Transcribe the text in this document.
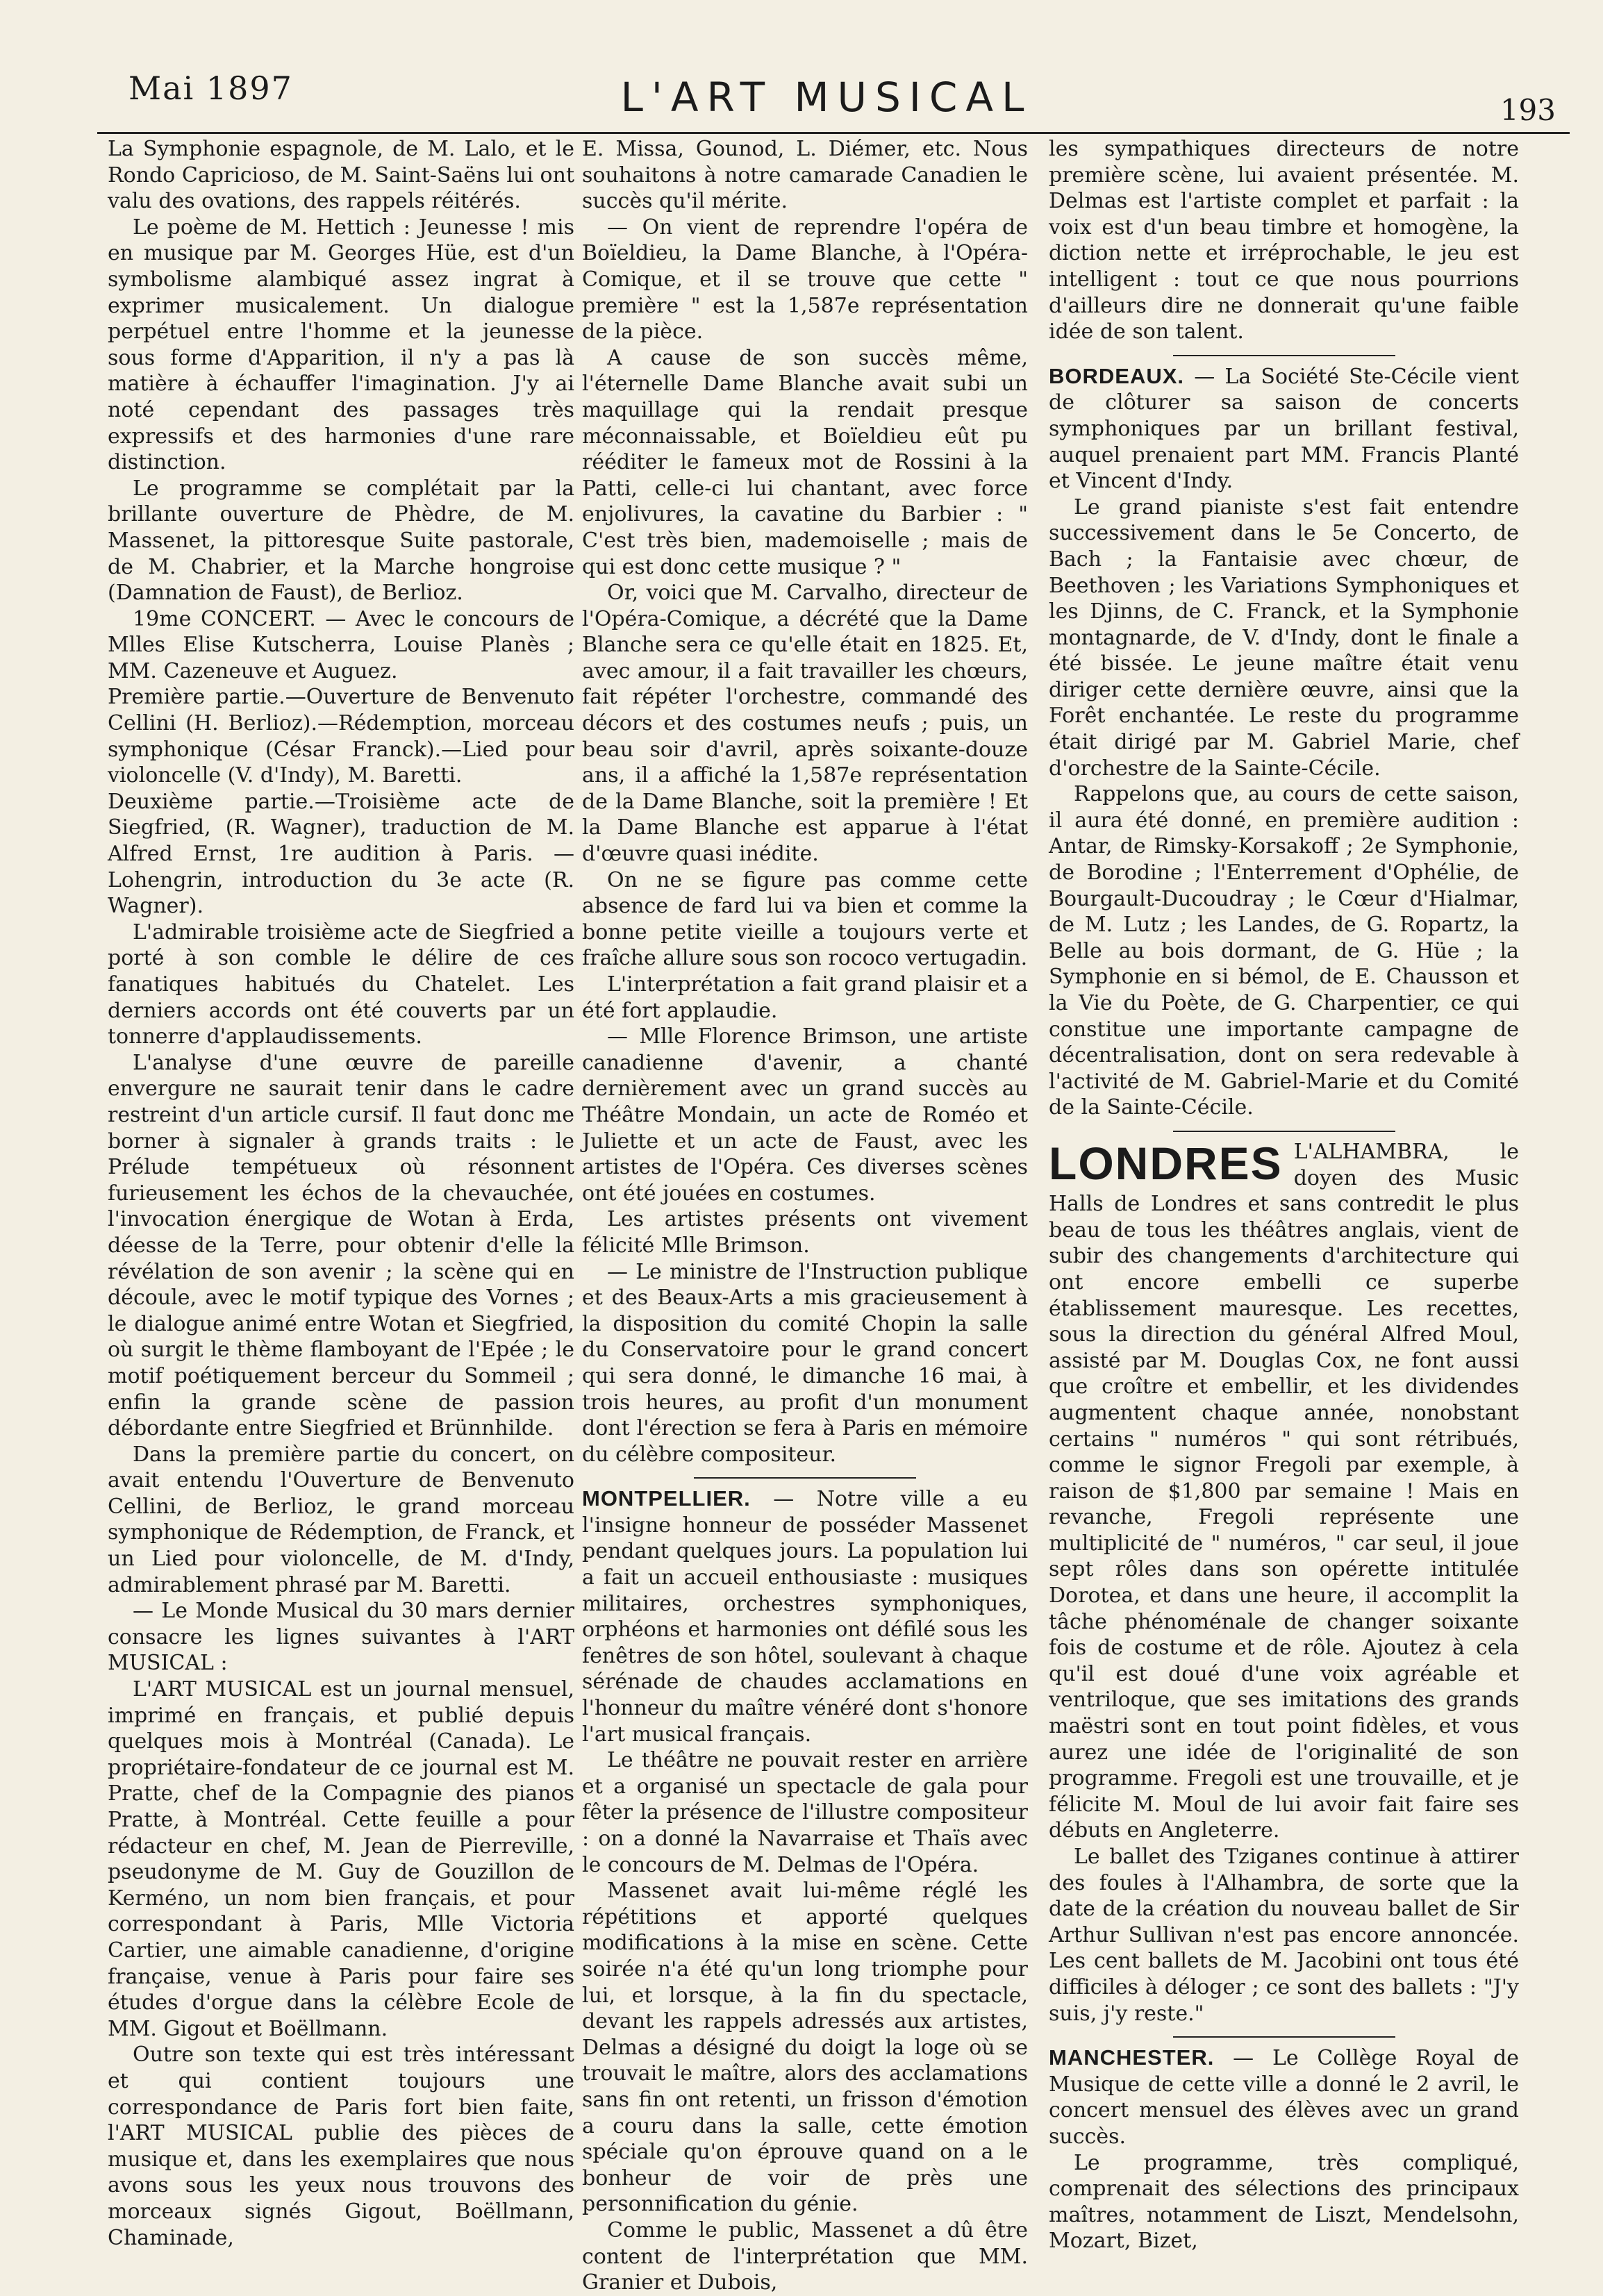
Mai 1897	L'ART MUSICAL	193

La Symphonie espagnole, de M. Lalo, et le Rondo Capricioso, de M. Saint-Saëns lui ont valu des ovations, des rappels réitérés.

Le poème de M. Hettich : Jeunesse ! mis en musique par M. Georges Hüe, est d'un symbolisme alambiqué assez ingrat à exprimer musicalement. Un dialogue perpétuel entre l'homme et la jeunesse sous forme d'Apparition, il n'y a pas là matière à échauffer l'imagination. J'y ai noté cependant des passages très expressifs et des harmonies d'une rare distinction.

Le programme se complétait par la brillante ouverture de Phèdre, de M. Massenet, la pittoresque Suite pastorale, de M. Chabrier, et la Marche hongroise (Damnation de Faust), de Berlioz.

19me CONCERT. — Avec le concours de Mlles Elise Kutscherra, Louise Planès ; MM. Cazeneuve et Auguez.

Première partie.—Ouverture de Benvenuto Cellini (H. Berlioz).—Rédemption, morceau symphonique (César Franck).—Lied pour violoncelle (V. d'Indy), M. Baretti.

Deuxième partie.—Troisième acte de Siegfried, (R. Wagner), traduction de M. Alfred Ernst, 1re audition à Paris. — Lohengrin, introduction du 3e acte (R. Wagner).

L'admirable troisième acte de Siegfried a porté à son comble le délire de ces fanatiques habitués du Chatelet. Les derniers accords ont été couverts par un tonnerre d'applaudissements.

L'analyse d'une œuvre de pareille envergure ne saurait tenir dans le cadre restreint d'un article cursif. Il faut donc me borner à signaler à grands traits : le Prélude tempétueux où résonnent furieusement les échos de la chevauchée, l'invocation énergique de Wotan à Erda, déesse de la Terre, pour obtenir d'elle la révélation de son avenir ; la scène qui en découle, avec le motif typique des Vornes ; le dialogue animé entre Wotan et Siegfried, où surgit le thème flamboyant de l'Epée ; le motif poétiquement berceur du Sommeil ; enfin la grande scène de passion débordante entre Siegfried et Brünnhilde.

Dans la première partie du concert, on avait entendu l'Ouverture de Benvenuto Cellini, de Berlioz, le grand morceau symphonique de Rédemption, de Franck, et un Lied pour violoncelle, de M. d'Indy, admirablement phrasé par M. Baretti.

— Le Monde Musical du 30 mars dernier consacre les lignes suivantes à l'ART MUSICAL :

L'ART MUSICAL est un journal mensuel, imprimé en français, et publié depuis quelques mois à Montréal (Canada). Le propriétaire-fondateur de ce journal est M. Pratte, chef de la Compagnie des pianos Pratte, à Montréal. Cette feuille a pour rédacteur en chef, M. Jean de Pierreville, pseudonyme de M. Guy de Gouzillon de Kerméno, un nom bien français, et pour correspondant à Paris, Mlle Victoria Cartier, une aimable canadienne, d'origine française, venue à Paris pour faire ses études d'orgue dans la célèbre Ecole de MM. Gigout et Boëllmann.

Outre son texte qui est très intéressant et qui contient toujours une correspondance de Paris fort bien faite, l'ART MUSICAL publie des pièces de musique et, dans les exemplaires que nous avons sous les yeux nous trouvons des morceaux signés Gigout, Boëllmann, Chaminade,

E. Missa, Gounod, L. Diémer, etc. Nous souhaitons à notre camarade Canadien le succès qu'il mérite.

— On vient de reprendre l'opéra de Boïeldieu, la Dame Blanche, à l'Opéra-Comique, et il se trouve que cette " première " est la 1,587e représentation de la pièce.

A cause de son succès même, l'éternelle Dame Blanche avait subi un maquillage qui la rendait presque méconnaissable, et Boïeldieu eût pu rééditer le fameux mot de Rossini à la Patti, celle-ci lui chantant, avec force enjolivures, la cavatine du Barbier : " C'est très bien, mademoiselle ; mais de qui est donc cette musique ? "

Or, voici que M. Carvalho, directeur de l'Opéra-Comique, a décrété que la Dame Blanche sera ce qu'elle était en 1825. Et, avec amour, il a fait travailler les chœurs, fait répéter l'orchestre, commandé des décors et des costumes neufs ; puis, un beau soir d'avril, après soixante-douze ans, il a affiché la 1,587e représentation de la Dame Blanche, soit la première ! Et la Dame Blanche est apparue à l'état d'œuvre quasi inédite.

On ne se figure pas comme cette absence de fard lui va bien et comme la bonne petite vieille a toujours verte et fraîche allure sous son rococo vertugadin.

L'interprétation a fait grand plaisir et a été fort applaudie.

— Mlle Florence Brimson, une artiste canadienne d'avenir, a chanté dernièrement avec un grand succès au Théâtre Mondain, un acte de Roméo et Juliette et un acte de Faust, avec les artistes de l'Opéra. Ces diverses scènes ont été jouées en costumes.

Les artistes présents ont vivement félicité Mlle Brimson.

— Le ministre de l'Instruction publique et des Beaux-Arts a mis gracieusement à la disposition du comité Chopin la salle du Conservatoire pour le grand concert qui sera donné, le dimanche 16 mai, à trois heures, au profit d'un monument dont l'érection se fera à Paris en mémoire du célèbre compositeur.

MONTPELLIER. — Notre ville a eu l'insigne honneur de posséder Massenet pendant quelques jours. La population lui a fait un accueil enthousiaste : musiques militaires, orchestres symphoniques, orphéons et harmonies ont défilé sous les fenêtres de son hôtel, soulevant à chaque sérénade de chaudes acclamations en l'honneur du maître vénéré dont s'honore l'art musical français.

Le théâtre ne pouvait rester en arrière et a organisé un spectacle de gala pour fêter la présence de l'illustre compositeur : on a donné la Navarraise et Thaïs avec le concours de M. Delmas de l'Opéra.

Massenet avait lui-même réglé les répétitions et apporté quelques modifications à la mise en scène. Cette soirée n'a été qu'un long triomphe pour lui, et lorsque, à la fin du spectacle, devant les rappels adressés aux artistes, Delmas a désigné du doigt la loge où se trouvait le maître, alors des acclamations sans fin ont retenti, un frisson d'émotion a couru dans la salle, cette émotion spéciale qu'on éprouve quand on a le bonheur de voir de près une personnification du génie.

Comme le public, Massenet a dû être content de l'interprétation que MM. Granier et Dubois,

les sympathiques directeurs de notre première scène, lui avaient présentée. M. Delmas est l'artiste complet et parfait : la voix est d'un beau timbre et homogène, la diction nette et irréprochable, le jeu est intelligent : tout ce que nous pourrions d'ailleurs dire ne donnerait qu'une faible idée de son talent.

BORDEAUX. — La Société Ste-Cécile vient de clôturer sa saison de concerts symphoniques par un brillant festival, auquel prenaient part MM. Francis Planté et Vincent d'Indy.

Le grand pianiste s'est fait entendre successivement dans le 5e Concerto, de Bach ; la Fantaisie avec chœur, de Beethoven ; les Variations Symphoniques et les Djinns, de C. Franck, et la Symphonie montagnarde, de V. d'Indy, dont le finale a été bissée. Le jeune maître était venu diriger cette dernière œuvre, ainsi que la Forêt enchantée. Le reste du programme était dirigé par M. Gabriel Marie, chef d'orchestre de la Sainte-Cécile.

Rappelons que, au cours de cette saison, il aura été donné, en première audition : Antar, de Rimsky-Korsakoff ; 2e Symphonie, de Borodine ; l'Enterrement d'Ophélie, de Bourgault-Ducoudray ; le Cœur d'Hialmar, de M. Lutz ; les Landes, de G. Ropartz, la Belle au bois dormant, de G. Hüe ; la Symphonie en si bémol, de E. Chausson et la Vie du Poète, de G. Charpentier, ce qui constitue une importante campagne de décentralisation, dont on sera redevable à l'activité de M. Gabriel-Marie et du Comité de la Sainte-Cécile.

LONDRES L'ALHAMBRA, le doyen des Music Halls de Londres et sans contredit le plus beau de tous les théâtres anglais, vient de subir des changements d'architecture qui ont encore embelli ce superbe établissement mauresque. Les recettes, sous la direction du général Alfred Moul, assisté par M. Douglas Cox, ne font aussi que croître et embellir, et les dividendes augmentent chaque année, nonobstant certains " numéros " qui sont rétribués, comme le signor Fregoli par exemple, à raison de $1,800 par semaine ! Mais en revanche, Fregoli représente une multiplicité de " numéros, " car seul, il joue sept rôles dans son opérette intitulée Dorotea, et dans une heure, il accomplit la tâche phénoménale de changer soixante fois de costume et de rôle. Ajoutez à cela qu'il est doué d'une voix agréable et ventriloque, que ses imitations des grands maëstri sont en tout point fidèles, et vous aurez une idée de l'originalité de son programme. Fregoli est une trouvaille, et je félicite M. Moul de lui avoir fait faire ses débuts en Angleterre.

Le ballet des Tziganes continue à attirer des foules à l'Alhambra, de sorte que la date de la création du nouveau ballet de Sir Arthur Sullivan n'est pas encore annoncée. Les cent ballets de M. Jacobini ont tous été difficiles à déloger ; ce sont des ballets : "J'y suis, j'y reste."

MANCHESTER. — Le Collège Royal de Musique de cette ville a donné le 2 avril, le concert mensuel des élèves avec un grand succès.

Le programme, très compliqué, comprenait des sélections des principaux maîtres, notamment de Liszt, Mendelsohn, Mozart, Bizet,
